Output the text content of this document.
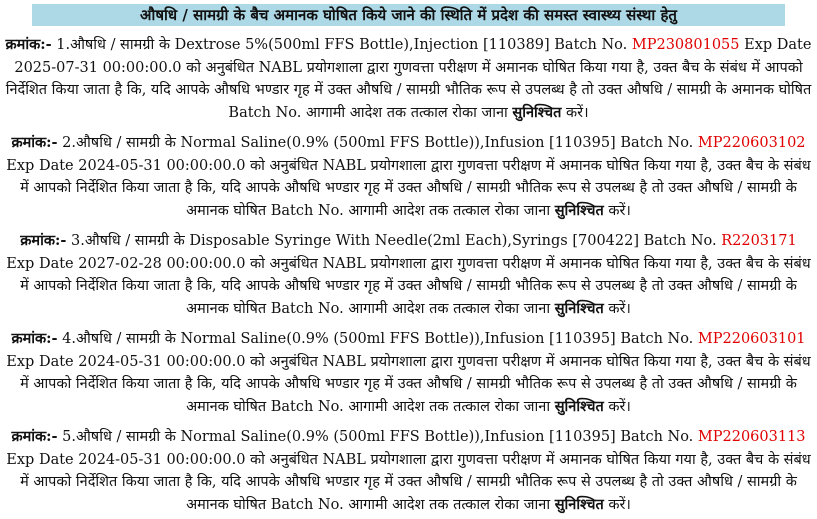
औषधि / सामग्री के बैच अमानक घोषित किये जाने की स्थिति में प्रदेश की समस्त स्वास्थ्य संस्था हेतु

क्रमांक:- 1.औषधि / सामग्री के Dextrose 5%(500ml FFS Bottle),Injection [110389] Batch No. MP230801055 Exp Date 2025-07-31 00:00:00.0 को अनुबंधित NABL प्रयोगशाला द्वारा गुणवत्ता परीक्षण में अमानक घोषित किया गया है, उक्त बैच के संबंध में आपको निर्देशित किया जाता है कि, यदि आपके औषधि भण्डार गृह में उक्त औषधि / सामग्री भौतिक रूप से उपलब्ध है तो उक्त औषधि / सामग्री के अमानक घोषित Batch No. आगामी आदेश तक तत्काल रोका जाना सुनिश्चित करें।

क्रमांक:- 2.औषधि / सामग्री के Normal Saline(0.9% (500ml FFS Bottle)),Infusion [110395] Batch No. MP220603102 Exp Date 2024-05-31 00:00:00.0 को अनुबंधित NABL प्रयोगशाला द्वारा गुणवत्ता परीक्षण में अमानक घोषित किया गया है, उक्त बैच के संबंध में आपको निर्देशित किया जाता है कि, यदि आपके औषधि भण्डार गृह में उक्त औषधि / सामग्री भौतिक रूप से उपलब्ध है तो उक्त औषधि / सामग्री के अमानक घोषित Batch No. आगामी आदेश तक तत्काल रोका जाना सुनिश्चित करें।

क्रमांक:- 3.औषधि / सामग्री के Disposable Syringe With Needle(2ml Each),Syrings [700422] Batch No. R2203171 Exp Date 2027-02-28 00:00:00.0 को अनुबंधित NABL प्रयोगशाला द्वारा गुणवत्ता परीक्षण में अमानक घोषित किया गया है, उक्त बैच के संबंध में आपको निर्देशित किया जाता है कि, यदि आपके औषधि भण्डार गृह में उक्त औषधि / सामग्री भौतिक रूप से उपलब्ध है तो उक्त औषधि / सामग्री के अमानक घोषित Batch No. आगामी आदेश तक तत्काल रोका जाना सुनिश्चित करें।

क्रमांक:- 4.औषधि / सामग्री के Normal Saline(0.9% (500ml FFS Bottle)),Infusion [110395] Batch No. MP220603101 Exp Date 2024-05-31 00:00:00.0 को अनुबंधित NABL प्रयोगशाला द्वारा गुणवत्ता परीक्षण में अमानक घोषित किया गया है, उक्त बैच के संबंध में आपको निर्देशित किया जाता है कि, यदि आपके औषधि भण्डार गृह में उक्त औषधि / सामग्री भौतिक रूप से उपलब्ध है तो उक्त औषधि / सामग्री के अमानक घोषित Batch No. आगामी आदेश तक तत्काल रोका जाना सुनिश्चित करें।

क्रमांक:- 5.औषधि / सामग्री के Normal Saline(0.9% (500ml FFS Bottle)),Infusion [110395] Batch No. MP220603113 Exp Date 2024-05-31 00:00:00.0 को अनुबंधित NABL प्रयोगशाला द्वारा गुणवत्ता परीक्षण में अमानक घोषित किया गया है, उक्त बैच के संबंध में आपको निर्देशित किया जाता है कि, यदि आपके औषधि भण्डार गृह में उक्त औषधि / सामग्री भौतिक रूप से उपलब्ध है तो उक्त औषधि / सामग्री के अमानक घोषित Batch No. आगामी आदेश तक तत्काल रोका जाना सुनिश्चित करें।
